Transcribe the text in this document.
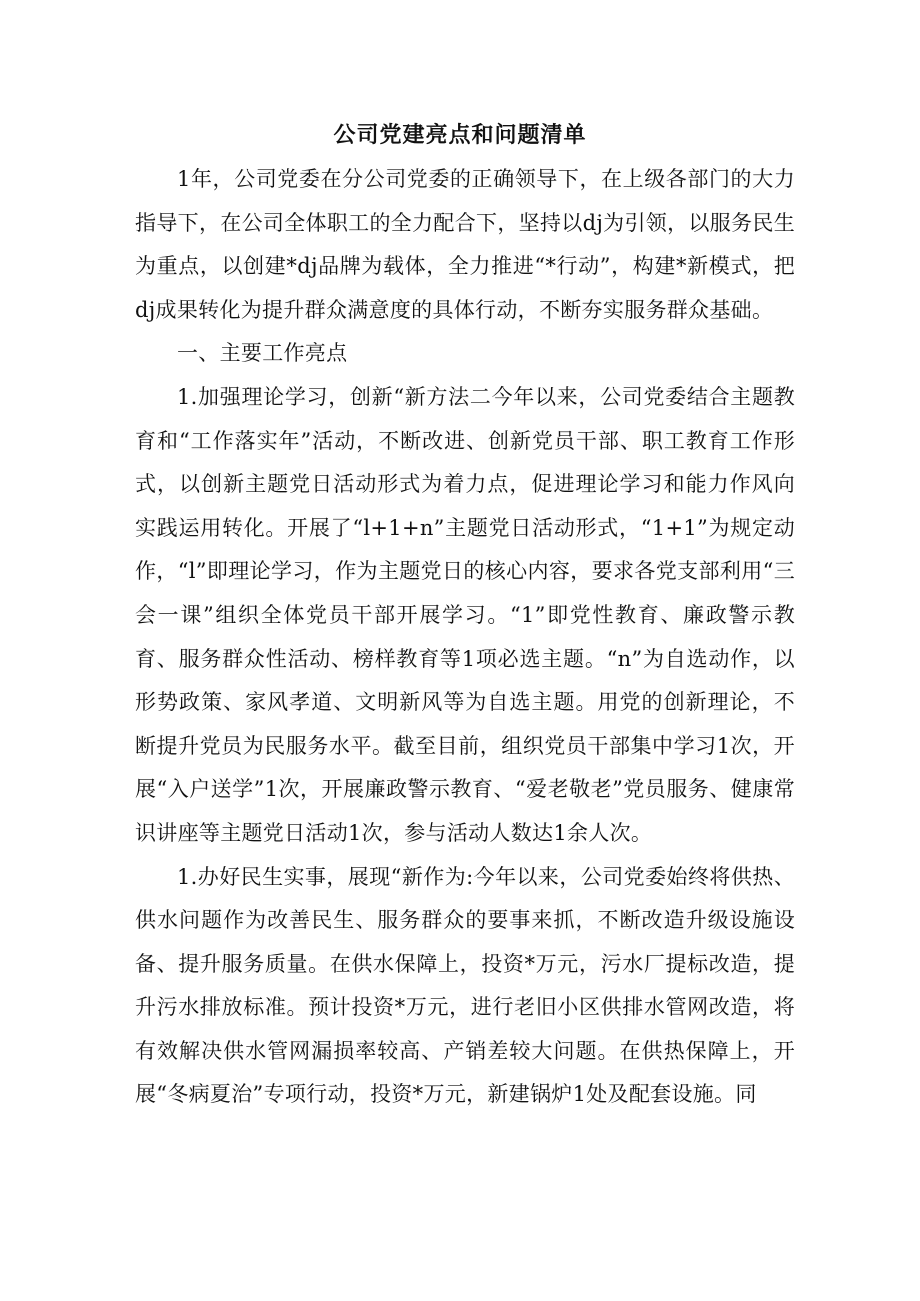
公司党建亮点和问题清单

1年，公司党委在分公司党委的正确领导下，在上级各部门的大力指导下，在公司全体职工的全力配合下，坚持以dj为引领，以服务民生为重点，以创建*dj品牌为载体，全力推进“*行动”，构建*新模式，把dj成果转化为提升群众满意度的具体行动，不断夯实服务群众基础。

一、主要工作亮点

1.加强理论学习，创新“新方法二今年以来，公司党委结合主题教育和“工作落实年”活动，不断改进、创新党员干部、职工教育工作形式，以创新主题党日活动形式为着力点，促进理论学习和能力作风向实践运用转化。开展了“l+1+n”主题党日活动形式，“1+1”为规定动作，“l”即理论学习，作为主题党日的核心内容，要求各党支部利用“三会一课”组织全体党员干部开展学习。“1”即党性教育、廉政警示教育、服务群众性活动、榜样教育等1项必选主题。“n”为自选动作，以形势政策、家风孝道、文明新风等为自选主题。用党的创新理论，不断提升党员为民服务水平。截至目前，组织党员干部集中学习1次，开展“入户送学”1次，开展廉政警示教育、“爱老敬老”党员服务、健康常识讲座等主题党日活动1次，参与活动人数达1余人次。

1.办好民生实事，展现“新作为:今年以来，公司党委始终将供热、供水问题作为改善民生、服务群众的要事来抓，不断改造升级设施设备、提升服务质量。在供水保障上，投资*万元，污水厂提标改造，提升污水排放标准。预计投资*万元，进行老旧小区供排水管网改造，将有效解决供水管网漏损率较高、产销差较大问题。在供热保障上，开展“冬病夏治”专项行动，投资*万元，新建锅炉1处及配套设施。同
